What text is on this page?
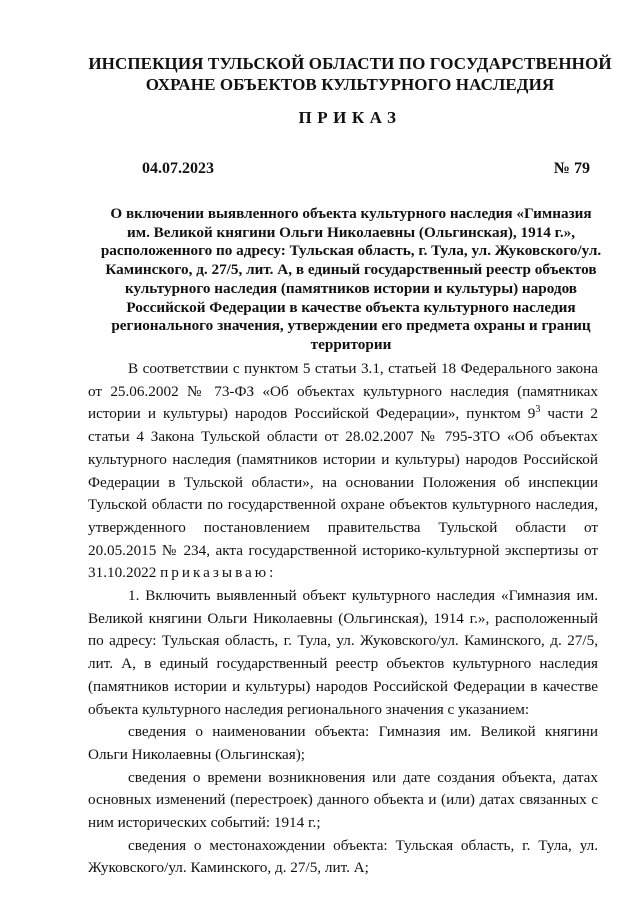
ИНСПЕКЦИЯ ТУЛЬСКОЙ ОБЛАСТИ ПО ГОСУДАРСТВЕННОЙ ОХРАНЕ ОБЪЕКТОВ КУЛЬТУРНОГО НАСЛЕДИЯ
ПРИКАЗ
04.07.2023	№ 79
О включении выявленного объекта культурного наследия «Гимназия им. Великой княгини Ольги Николаевны (Ольгинская), 1914 г.», расположенного по адресу: Тульская область, г. Тула, ул. Жуковского/ул. Каминского, д. 27/5, лит. А, в единый государственный реестр объектов культурного наследия (памятников истории и культуры) народов Российской Федерации в качестве объекта культурного наследия регионального значения, утверждении его предмета охраны и границ территории

В соответствии с пунктом 5 статьи 3.1, статьей 18 Федерального закона от 25.06.2002 № 73-ФЗ «Об объектах культурного наследия (памятниках истории и культуры) народов Российской Федерации», пунктом $9^3$ части 2 статьи 4 Закона Тульской области от 28.02.2007 № 795-ЗТО «Об объектах культурного наследия (памятников истории и культуры) народов Российской Федерации в Тульской области», на основании Положения об инспекции Тульской области по государственной охране объектов культурного наследия, утвержденного постановлением правительства Тульской области от 20.05.2015 № 234, акта государственной историко-культурной экспертизы от 31.10.2022 приказываю:

1. Включить выявленный объект культурного наследия «Гимназия им. Великой княгини Ольги Николаевны (Ольгинская), 1914 г.», расположенный по адресу: Тульская область, г. Тула, ул. Жуковского/ул. Каминского, д. 27/5, лит. А, в единый государственный реестр объектов культурного наследия (памятников истории и культуры) народов Российской Федерации в качестве объекта культурного наследия регионального значения с указанием:

сведения о наименовании объекта: Гимназия им. Великой княгини Ольги Николаевны (Ольгинская);

сведения о времени возникновения или дате создания объекта, датах основных изменений (перестроек) данного объекта и (или) датах связанных с ним исторических событий: 1914 г.;

сведения о местонахождении объекта: Тульская область, г. Тула, ул. Жуковского/ул. Каминского, д. 27/5, лит. А;
